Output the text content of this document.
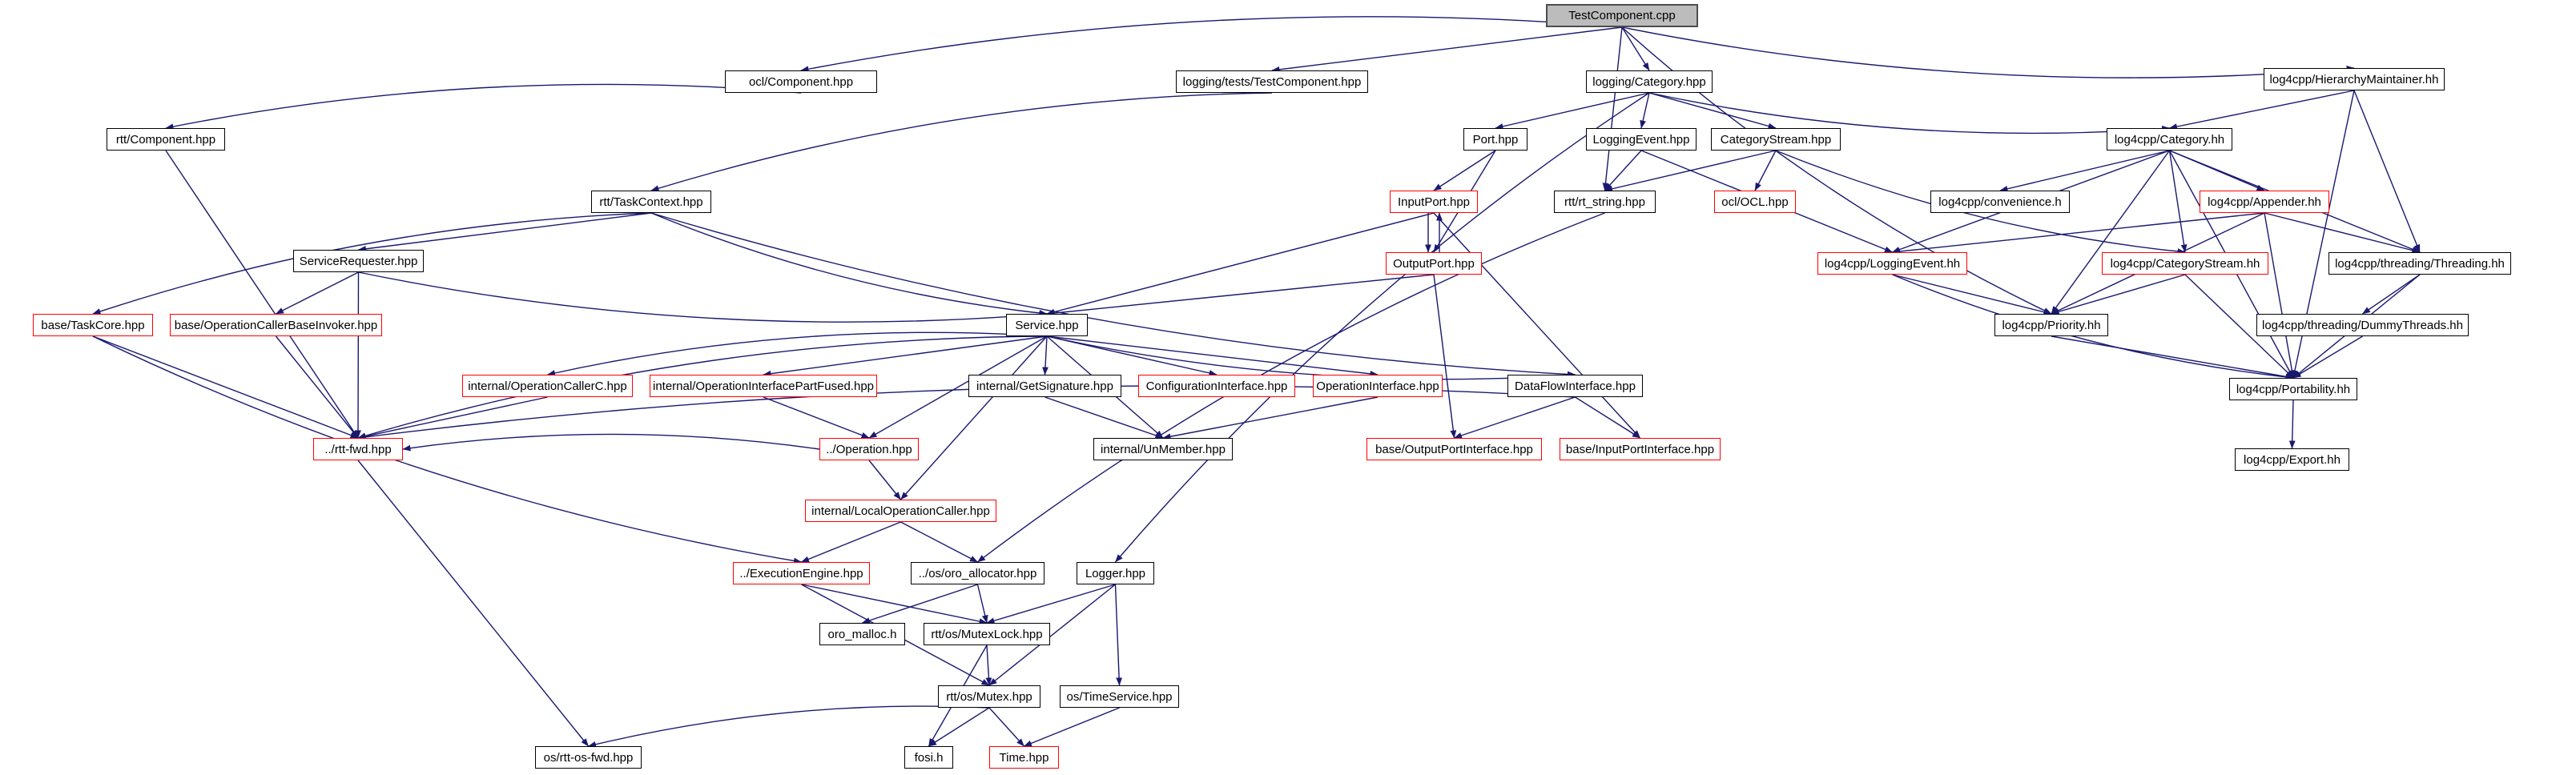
TestComponent.cpp
ocl/Component.hpp	logging/tests/TestComponent.hpp	logging/Category.hpp	log4cpp/HierarchyMaintainer.hh
rtt/Component.hpp	Port.hpp	LoggingEvent.hpp	CategoryStream.hpp	log4cpp/Category.hh
rtt/TaskContext.hpp	InputPort.hpp	rtt/rt_string.hpp	ocl/OCL.hpp	log4cpp/convenience.h	log4cpp/Appender.hh
ServiceRequester.hpp	OutputPort.hpp	log4cpp/LoggingEvent.hh	log4cpp/CategoryStream.hh	log4cpp/threading/Threading.hh
base/TaskCore.hpp base/OperationCallerBaseInvoker.hpp	Service.hpp	log4cpp/Priority.hh	log4cpp/threading/DummyThreads.hh
internal/OperationCallerC.hpp internal/OperationInterfacePartFused.hpp	internal/GetSignature.hpp	ConfigurationInterface.hpp OperationInterface.hpp	DataFlowInterface.hpp	log4cpp/Portability.hh
../rtt-fwd.hpp	../Operation.hpp	internal/UnMember.hpp	base/OutputPortInterface.hpp	base/InputPortInterface.hpp
log4cpp/Export.hh
internal/LocalOperationCaller.hpp
../ExecutionEngine.hpp	../os/oro_allocator.hpp	Logger.hpp
oro_malloc.h	rtt/os/MutexLock.hpp
rtt/os/Mutex.hpp	os/TimeService.hpp
os/rtt-os-fwd.hpp	fosi.h	Time.hpp
